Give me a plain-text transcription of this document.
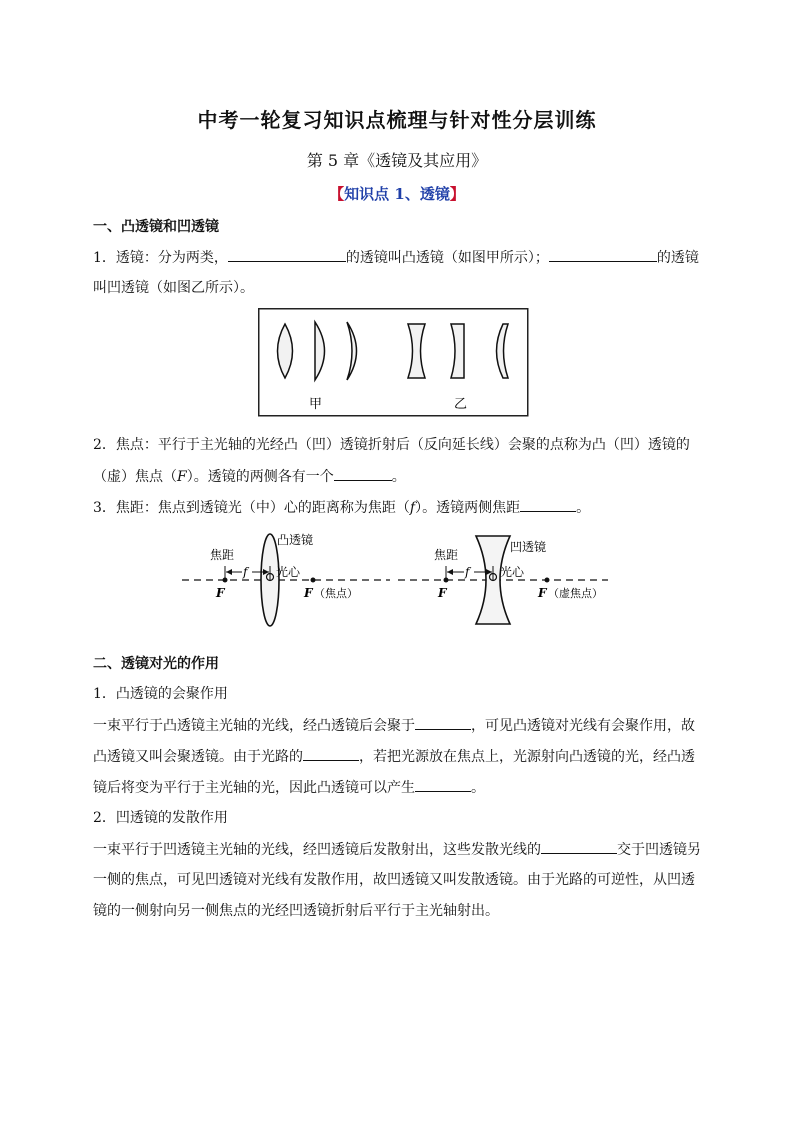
中考一轮复习知识点梳理与针对性分层训练
第 5 章《透镜及其应用》
【知识点 1、透镜】
一、凸透镜和凹透镜
1．透镜：分为两类，	的透镜叫凸透镜（如图甲所示）；	的透镜
叫凹透镜（如图乙所示）。
甲	乙
2．焦点：平行于主光轴的光经凸（凹）透镜折射后（反向延长线）会聚的点称为凸（凹）透镜的
（虚）焦点（F）。透镜的两侧各有一个	。
3．焦距：焦点到透镜光（中）心的距离称为焦距（f）。透镜两侧焦距	。
f
焦距
凸透镜
光心
F	F （焦点）
f
焦距
凹透镜
光心
F	F （虚焦点）
二、透镜对光的作用
1．凸透镜的会聚作用
一束平行于凸透镜主光轴的光线，经凸透镜后会聚于	，可见凸透镜对光线有会聚作用，故
凸透镜又叫会聚透镜。由于光路的	，若把光源放在焦点上，光源射向凸透镜的光，经凸透
镜后将变为平行于主光轴的光，因此凸透镜可以产生	。
2．凹透镜的发散作用
一束平行于凹透镜主光轴的光线，经凹透镜后发散射出，这些发散光线的	交于凹透镜另
一侧的焦点，可见凹透镜对光线有发散作用，故凹透镜又叫发散透镜。由于光路的可逆性，从凹透
镜的一侧射向另一侧焦点的光经凹透镜折射后平行于主光轴射出。
